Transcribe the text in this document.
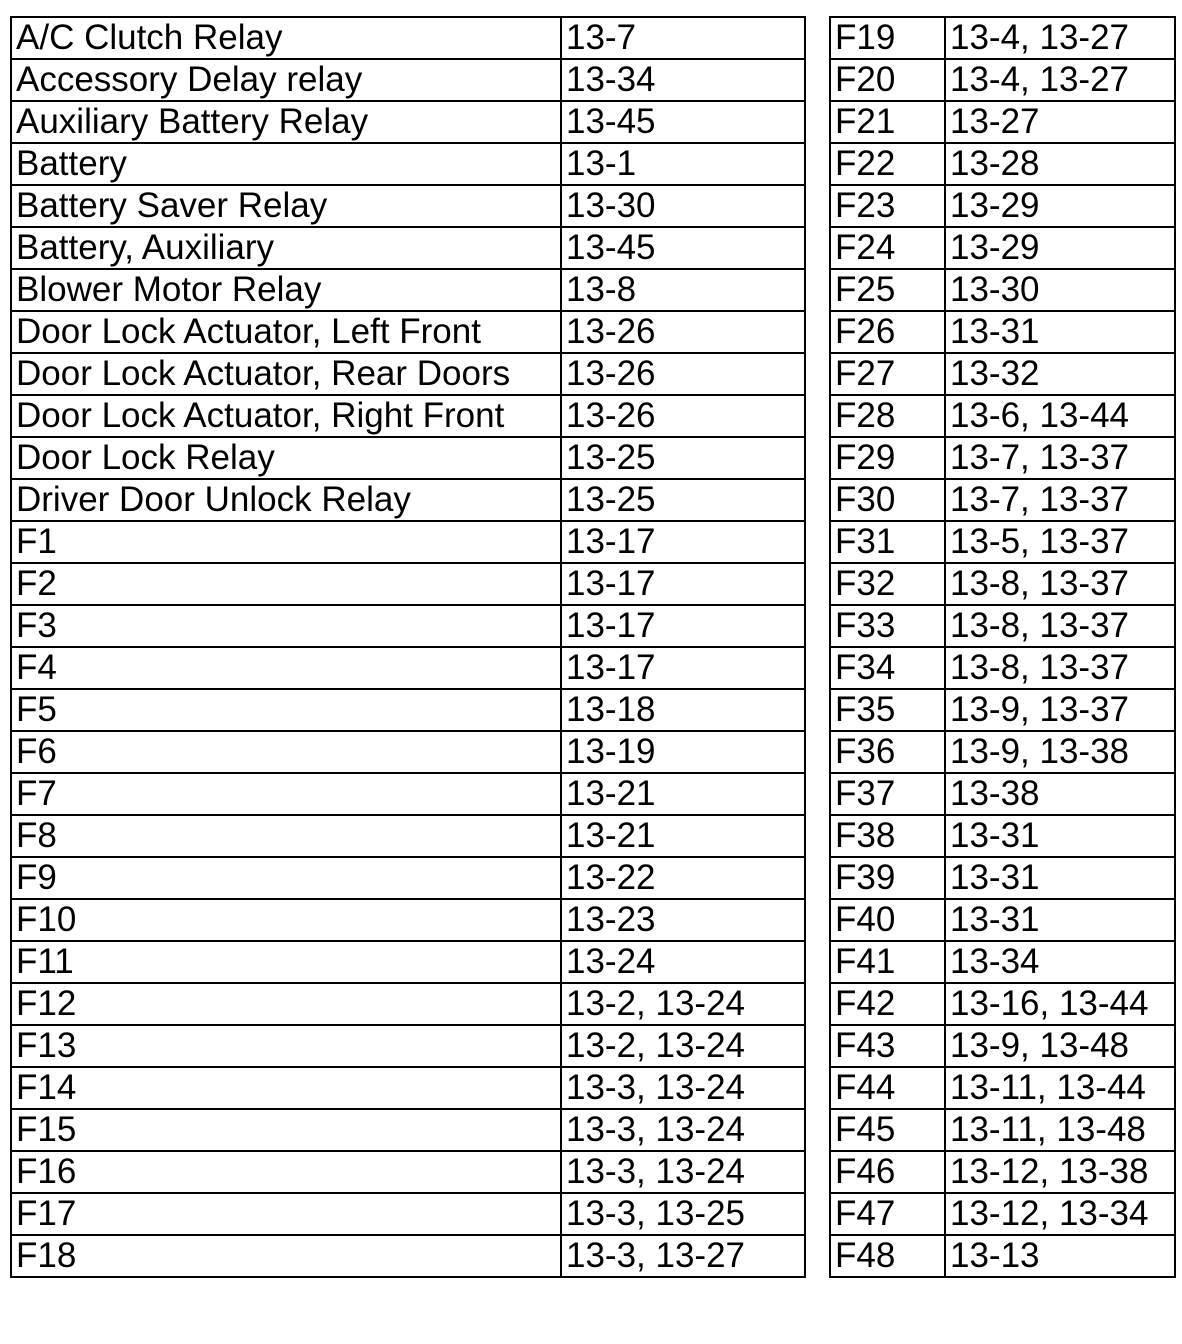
A/C Clutch Relay	13-7
Accessory Delay relay	13-34
Auxiliary Battery Relay	13-45
Battery	13-1
Battery Saver Relay	13-30
Battery, Auxiliary	13-45
Blower Motor Relay	13-8
Door Lock Actuator, Left Front	13-26
Door Lock Actuator, Rear Doors	13-26
Door Lock Actuator, Right Front	13-26
Door Lock Relay	13-25
Driver Door Unlock Relay	13-25
F1	13-17
F2	13-17
F3	13-17
F4	13-17
F5	13-18
F6	13-19
F7	13-21
F8	13-21
F9	13-22
F10	13-23
F11	13-24
F12	13-2, 13-24
F13	13-2, 13-24
F14	13-3, 13-24
F15	13-3, 13-24
F16	13-3, 13-24
F17	13-3, 13-25
F18	13-3, 13-27
F19	13-4, 13-27
F20	13-4, 13-27
F21	13-27
F22	13-28
F23	13-29
F24	13-29
F25	13-30
F26	13-31
F27	13-32
F28	13-6, 13-44
F29	13-7, 13-37
F30	13-7, 13-37
F31	13-5, 13-37
F32	13-8, 13-37
F33	13-8, 13-37
F34	13-8, 13-37
F35	13-9, 13-37
F36	13-9, 13-38
F37	13-38
F38	13-31
F39	13-31
F40	13-31
F41	13-34
F42	13-16, 13-44
F43	13-9, 13-48
F44	13-11, 13-44
F45	13-11, 13-48
F46	13-12, 13-38
F47	13-12, 13-34
F48	13-13
